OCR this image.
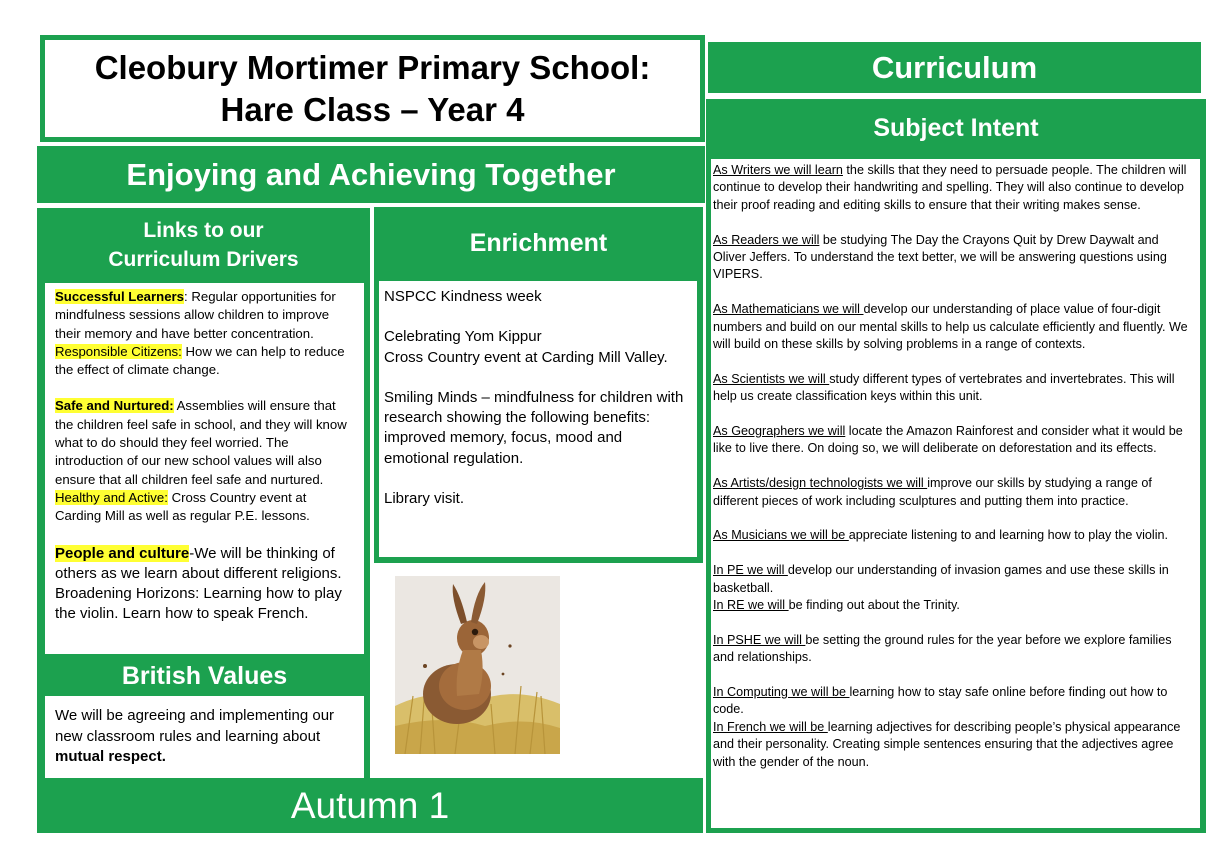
Cleobury Mortimer Primary School:
Hare Class – Year 4
Enjoying and Achieving Together
Links to our
Curriculum Drivers

Successful Learners: Regular opportunities for mindfulness sessions allow children to improve their memory and have better concentration.

Responsible Citizens: How we can help to reduce the effect of climate change.

Safe and Nurtured: Assemblies will ensure that the children feel safe in school, and they will know what to do should they feel worried. The introduction of our new school values will also ensure that all children feel safe and nurtured.

Healthy and Active: Cross Country event at Carding Mill as well as regular P.E. lessons.

People and culture-We will be thinking of others as we learn about different religions. Broadening Horizons: Learning how to play the violin. Learn how to speak French.

British Values
We will be agreeing and implementing our new classroom rules and learning about mutual respect.
Enrichment

NSPCC Kindness week

Celebrating Yom Kippur

Cross Country event at Carding Mill Valley.

Smiling Minds – mindfulness for children with research showing the following benefits: improved memory, focus, mood and emotional regulation.

Library visit.

Autumn 1
Curriculum
Subject Intent

As Writers we will learn the skills that they need to persuade people. The children will continue to develop their handwriting and spelling. They will also continue to develop their proof reading and editing skills to ensure that their writing makes sense.

As Readers we will be studying The Day the Crayons Quit by Drew Daywalt and Oliver Jeffers. To understand the text better, we will be answering questions using VIPERS.

As Mathematicians we will develop our understanding of place value of four-digit numbers and build on our mental skills to help us calculate efficiently and fluently. We will build on these skills by solving problems in a range of contexts.

As Scientists we will study different types of vertebrates and invertebrates. This will help us create classification keys within this unit.

As Geographers we will locate the Amazon Rainforest and consider what it would be like to live there. On doing so, we will deliberate on deforestation and its effects.

As Artists/design technologists we will improve our skills by studying a range of different pieces of work including sculptures and putting them into practice.

As Musicians we will be appreciate listening to and learning how to play the violin.

In PE we will develop our understanding of invasion games and use these skills in basketball.

In RE we will be finding out about the Trinity.

In PSHE we will be setting the ground rules for the year before we explore families and relationships.

In Computing we will be learning how to stay safe online before finding out how to code.

In French we will be learning adjectives for describing people’s physical appearance and their personality. Creating simple sentences ensuring that the adjectives agree with the gender of the noun.
